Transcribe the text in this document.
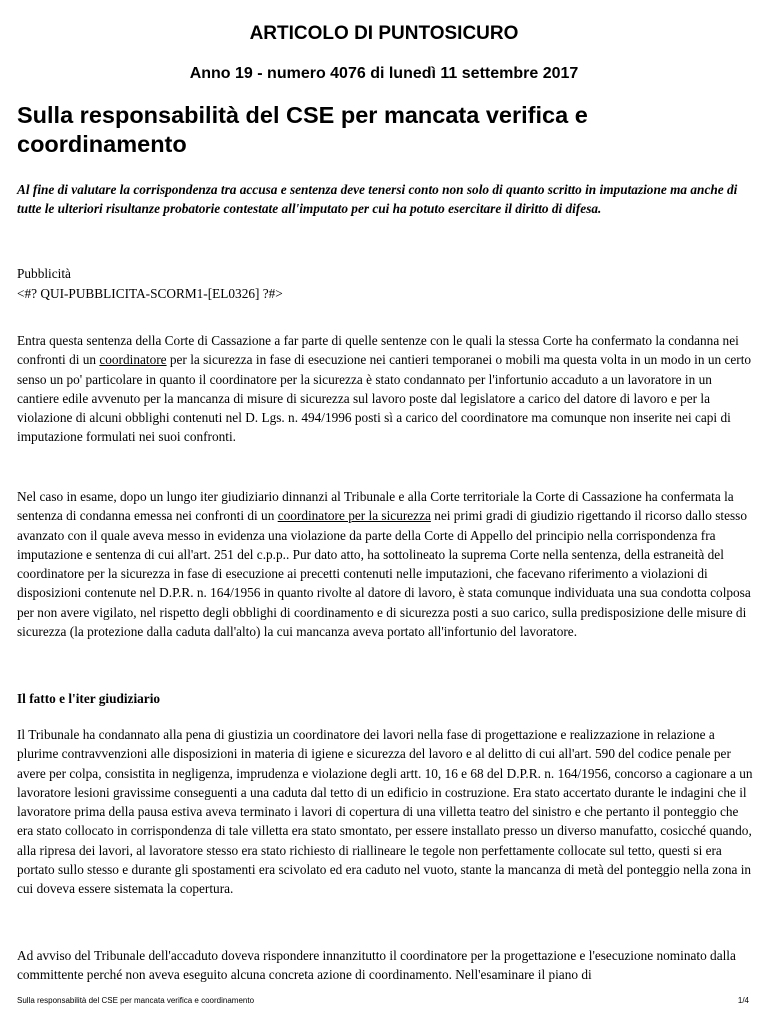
ARTICOLO DI PUNTOSICURO
Anno 19 - numero 4076 di lunedì 11 settembre 2017
Sulla responsabilità del CSE per mancata verifica e coordinamento
Al fine di valutare la corrispondenza tra accusa e sentenza deve tenersi conto non solo di quanto scritto in imputazione ma anche di tutte le ulteriori risultanze probatorie contestate all'imputato per cui ha potuto esercitare il diritto di difesa.
Pubblicità
<#? QUI-PUBBLICITA-SCORM1-[EL0326] ?#>
Entra questa sentenza della Corte di Cassazione a far parte di quelle sentenze con le quali la stessa Corte ha confermato la condanna nei confronti di un coordinatore per la sicurezza in fase di esecuzione nei cantieri temporanei o mobili ma questa volta in un modo in un certo senso un po' particolare in quanto il coordinatore per la sicurezza è stato condannato per l'infortunio accaduto a un lavoratore in un cantiere edile avvenuto per la mancanza di misure di sicurezza sul lavoro poste dal legislatore a carico del datore di lavoro e per la violazione di alcuni obblighi contenuti nel D. Lgs. n. 494/1996 posti sì a carico del coordinatore ma comunque non inserite nei capi di imputazione formulati nei suoi confronti.
Nel caso in esame, dopo un lungo iter giudiziario dinnanzi al Tribunale e alla Corte territoriale la Corte di Cassazione ha confermata la sentenza di condanna emessa nei confronti di un coordinatore per la sicurezza nei primi gradi di giudizio rigettando il ricorso dallo stesso avanzato con il quale aveva messo in evidenza una violazione da parte della Corte di Appello del principio nella corrispondenza fra imputazione e sentenza di cui all'art. 251 del c.p.p.. Pur dato atto, ha sottolineato la suprema Corte nella sentenza, della estraneità del coordinatore per la sicurezza in fase di esecuzione ai precetti contenuti nelle imputazioni, che facevano riferimento a violazioni di disposizioni contenute nel D.P.R. n. 164/1956 in quanto rivolte al datore di lavoro, è stata comunque individuata una sua condotta colposa per non avere vigilato, nel rispetto degli obblighi di coordinamento e di sicurezza posti a suo carico, sulla predisposizione delle misure di sicurezza (la protezione dalla caduta dall'alto) la cui mancanza aveva portato all'infortunio del lavoratore.
Il fatto e l'iter giudiziario
Il Tribunale ha condannato alla pena di giustizia un coordinatore dei lavori nella fase di progettazione e realizzazione in relazione a plurime contravvenzioni alle disposizioni in materia di igiene e sicurezza del lavoro e al delitto di cui all'art. 590 del codice penale per avere per colpa, consistita in negligenza, imprudenza e violazione degli artt. 10, 16 e 68 del D.P.R. n. 164/1956, concorso a cagionare a un lavoratore lesioni gravissime conseguenti a una caduta dal tetto di un edificio in costruzione. Era stato accertato durante le indagini che il lavoratore prima della pausa estiva aveva terminato i lavori di copertura di una villetta teatro del sinistro e che pertanto il ponteggio che era stato collocato in corrispondenza di tale villetta era stato smontato, per essere installato presso un diverso manufatto, cosicché quando, alla ripresa dei lavori, al lavoratore stesso era stato richiesto di riallineare le tegole non perfettamente collocate sul tetto, questi si era portato sullo stesso e durante gli spostamenti era scivolato ed era caduto nel vuoto, stante la mancanza di metà del ponteggio nella zona in cui doveva essere sistemata la copertura.
Ad avviso del Tribunale dell'accaduto doveva rispondere innanzitutto il coordinatore per la progettazione e l'esecuzione nominato dalla committente perché non aveva eseguito alcuna concreta azione di coordinamento. Nell'esaminare il piano di
Sulla responsabilità del CSE per mancata verifica e coordinamento	1/4
